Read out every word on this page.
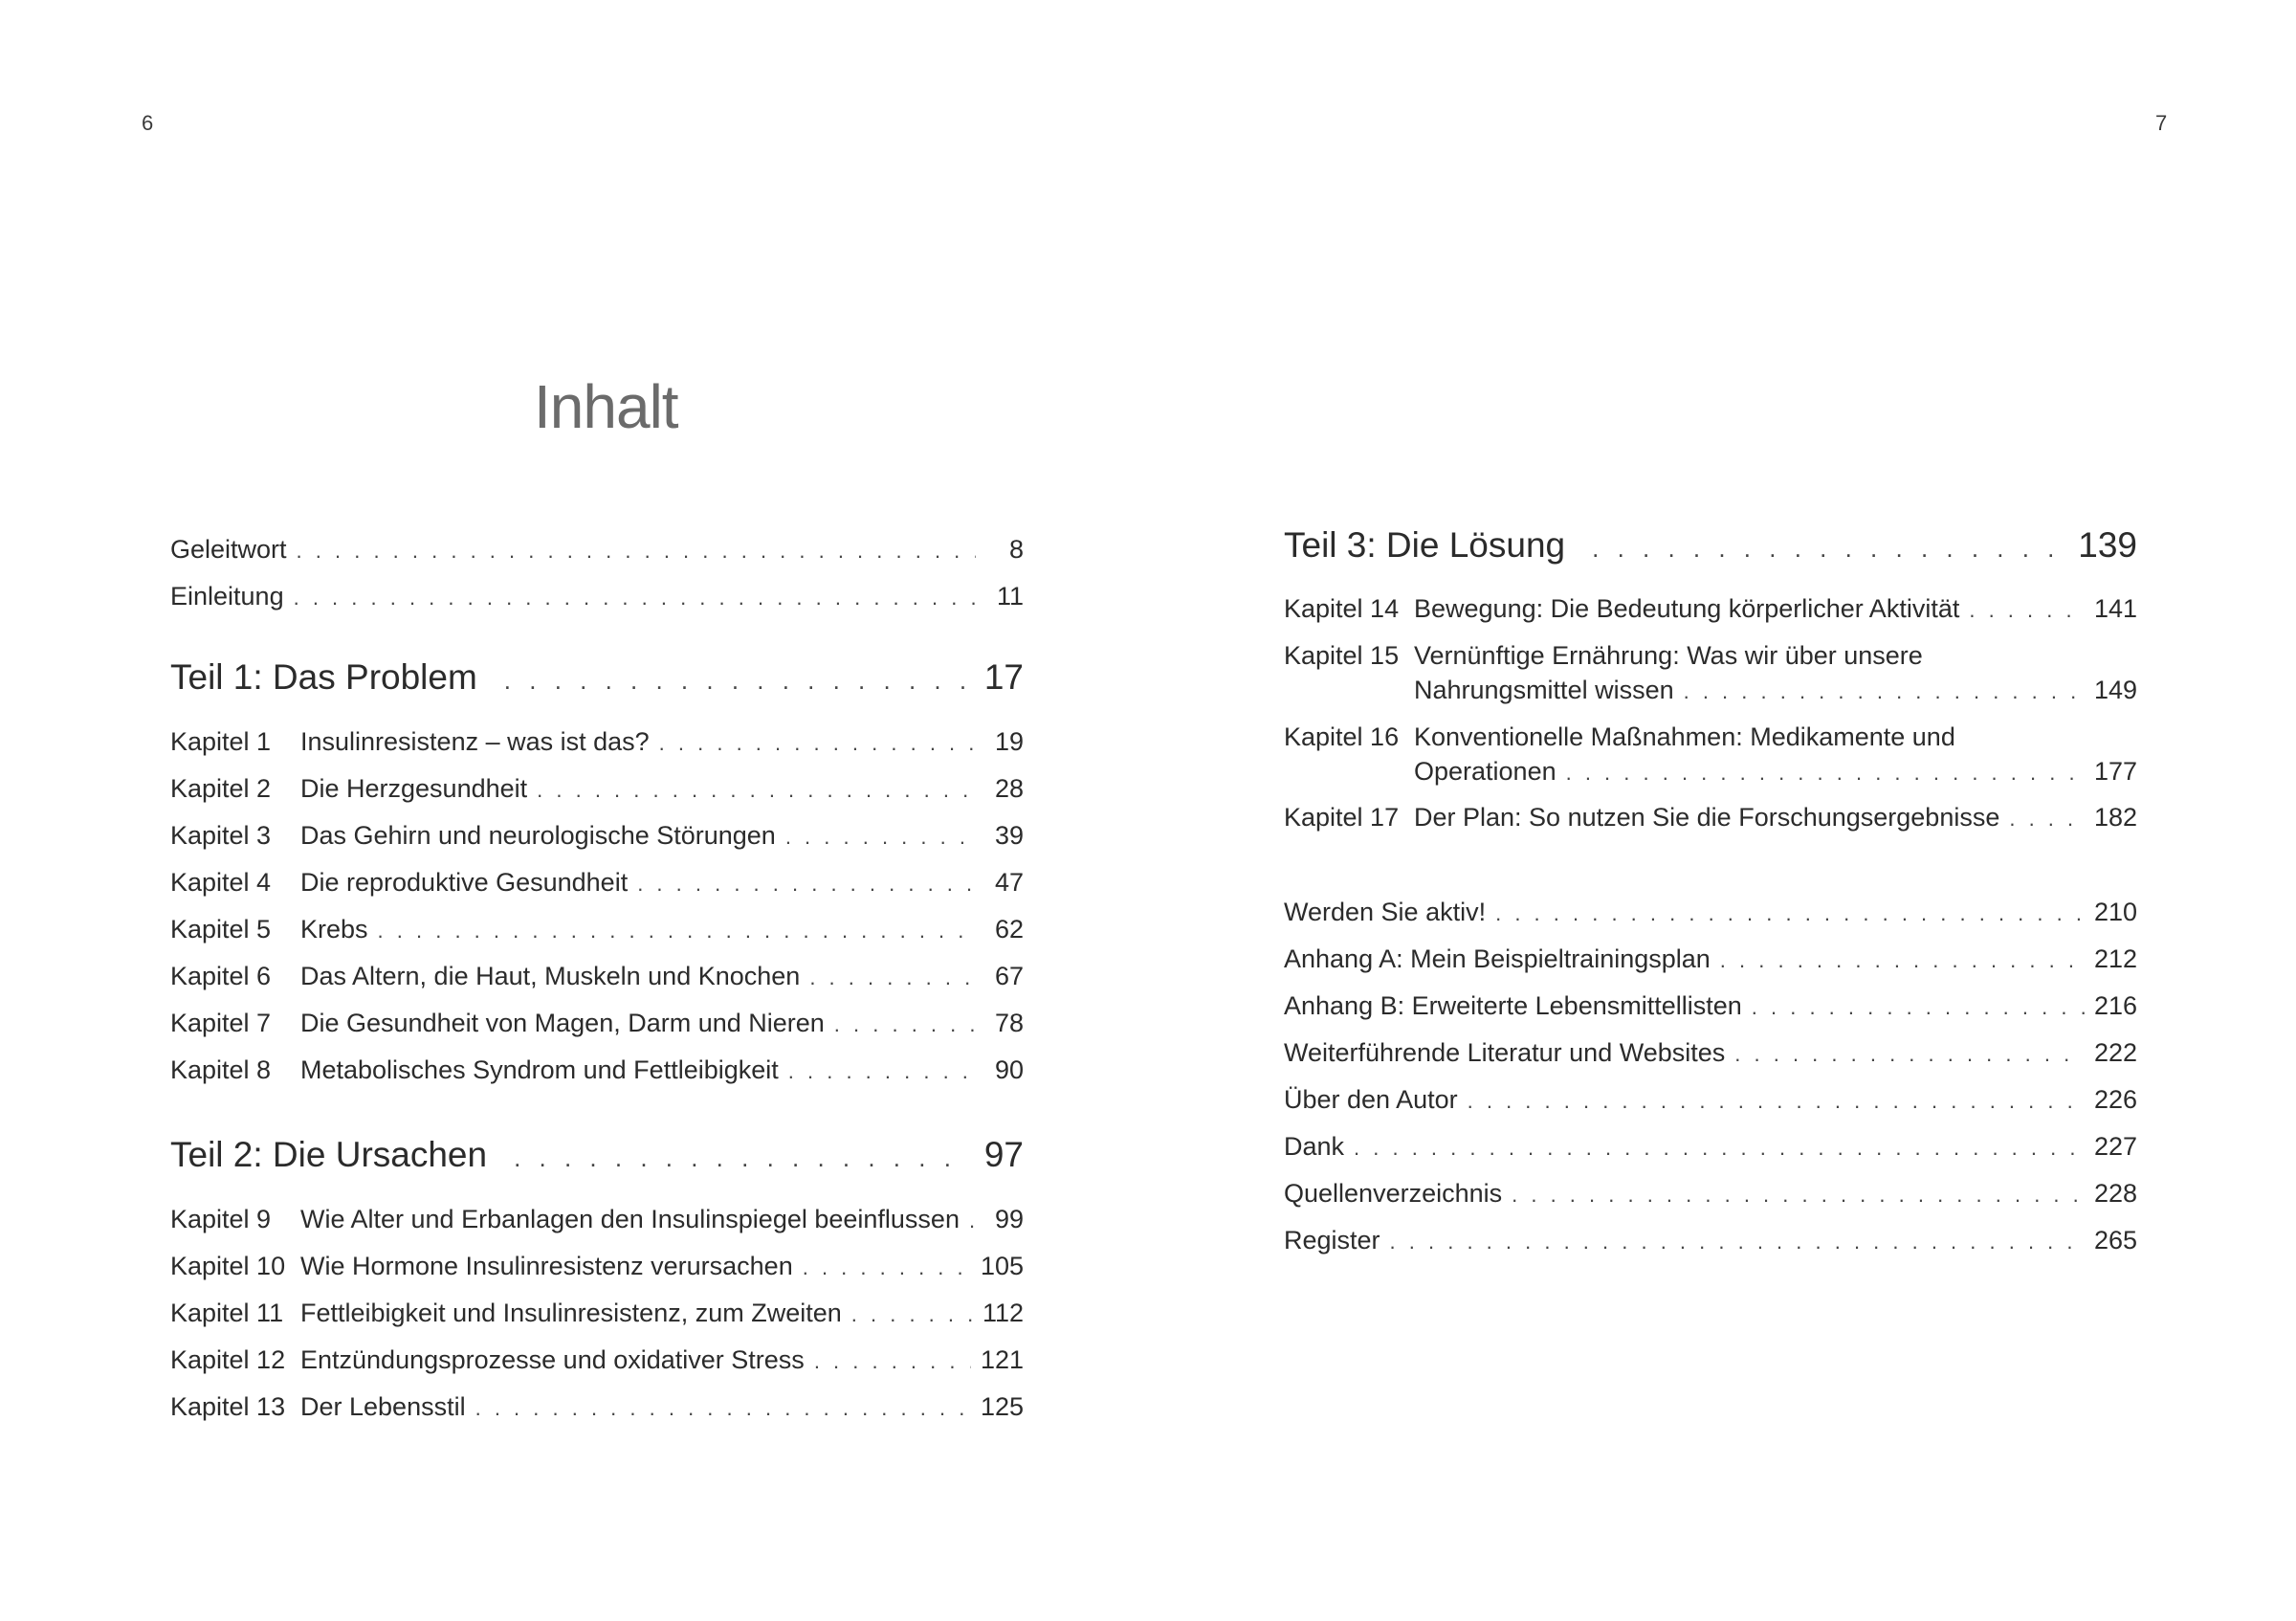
6	7
Inhalt
Geleitwort . . .	8
Einleitung . . .	11
Teil 1: Das Problem . . .	17
Kapitel 1	Insulinresistenz – was ist das? . . .	19
Kapitel 2	Die Herzgesundheit . . .	28
Kapitel 3	Das Gehirn und neurologische Störungen . . .	39
Kapitel 4	Die reproduktive Gesundheit . . .	47
Kapitel 5	Krebs . . .	62
Kapitel 6	Das Altern, die Haut, Muskeln und Knochen . . .	67
Kapitel 7	Die Gesundheit von Magen, Darm und Nieren . . .	78
Kapitel 8	Metabolisches Syndrom und Fettleibigkeit . . .	90
Teil 2: Die Ursachen . . .	97
Kapitel 9	Wie Alter und Erbanlagen den Insulinspiegel beeinflussen . . .	99
Kapitel 10 Wie Hormone Insulinresistenz verursachen . . .	105
Kapitel 11 Fettleibigkeit und Insulinresistenz, zum Zweiten . . .	112
Kapitel 12 Entzündungsprozesse und oxidativer Stress . . .	121
Kapitel 13 Der Lebensstil . . .	125
Teil 3: Die Lösung . . .	139
Kapitel 14 Bewegung: Die Bedeutung körperlicher Aktivität . . .	141
Kapitel 15 Vernünftige Ernährung: Was wir über unsere
Nahrungsmittel wissen . . .	149
Kapitel 16 Konventionelle Maßnahmen: Medikamente und
Operationen . . .	177
Kapitel 17 Der Plan: So nutzen Sie die Forschungsergebnisse . . .	182
Werden Sie aktiv! . . .	210
Anhang A: Mein Beispieltrainingsplan . . .	212
Anhang B: Erweiterte Lebensmittellisten . . .	216
Weiterführende Literatur und Websites . . .	222
Über den Autor . . .	226
Dank . . .	227
Quellenverzeichnis . . .	228
Register . . .	265
